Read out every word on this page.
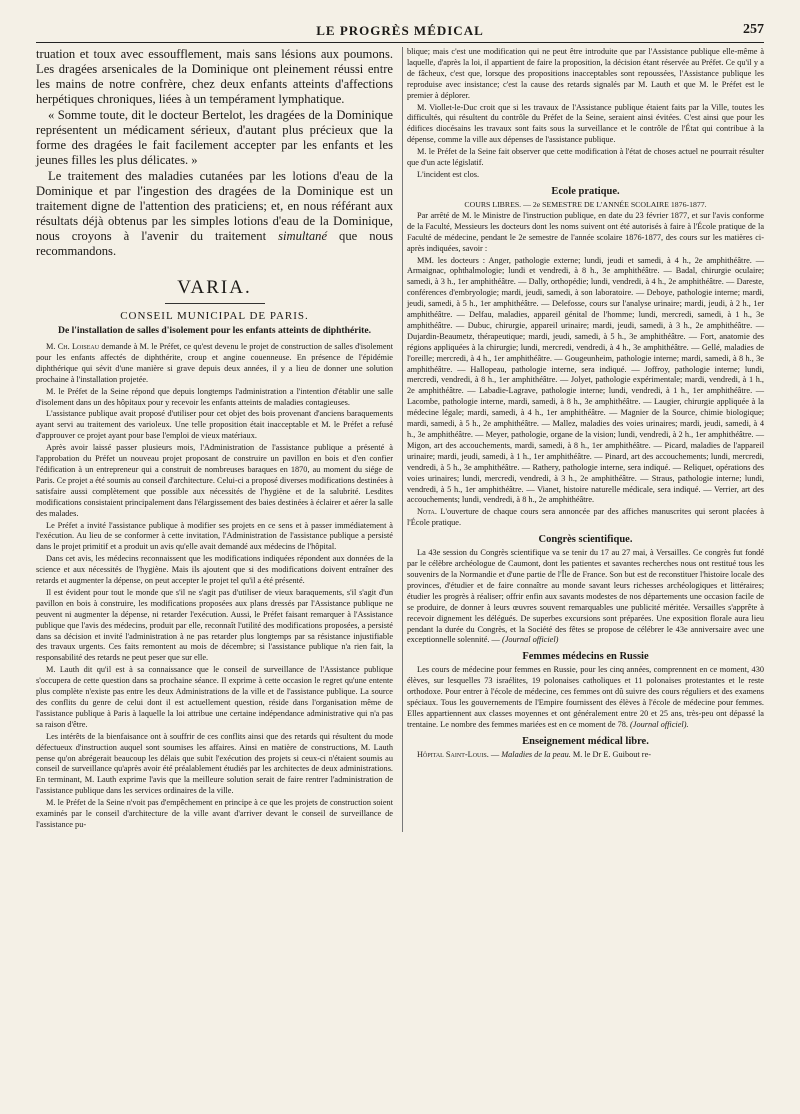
LE PROGRÈS MÉDICAL	257

truation et toux avec essoufflement, mais sans lésions aux poumons. Les dragées arsenicales de la Dominique ont pleinement réussi entre les mains de notre confrère, chez deux enfants atteints d'affections herpétiques chroniques, liées à un tempérament lymphatique.

« Somme toute, dit le docteur Bertelot, les dragées de la Dominique représentent un médicament sérieux, d'autant plus précieux que la forme des dragées le fait facilement accepter par les enfants et les jeunes filles les plus délicates. »

Le traitement des maladies cutanées par les lotions d'eau de la Dominique et par l'ingestion des dragées de la Dominique est un traitement digne de l'attention des praticiens; et, en nous référant aux résultats déjà obtenus par les simples lotions d'eau de la Dominique, nous croyons à l'avenir du traitement simultané que nous recommandons.

VARIA.
CONSEIL MUNICIPAL DE PARIS.
De l'installation de salles d'isolement pour les enfants atteints de diphthérite.

M. Ch. Loiseau demande à M. le Préfet, ce qu'est devenu le projet de construction de salles d'isolement pour les enfants affectés de diphthérite, croup et angine couenneuse. En présence de l'épidémie diphthérique qui sévit d'une manière si grave depuis deux années, il y a lieu de donner une solution prochaine à l'installation projetée.

M. le Préfet de la Seine répond que depuis longtemps l'administration a l'intention d'établir une salle d'isolement dans un des hôpitaux pour y recevoir les enfants atteints de maladies contagieuses.

L'assistance publique avait proposé d'utiliser pour cet objet des bois provenant d'anciens baraquements ayant servi au traitement des varioleux. Une telle proposition était inacceptable et M. le Préfet a refusé d'approuver ce projet ayant pour base l'emploi de vieux matériaux.

Après avoir laissé passer plusieurs mois, l'Administration de l'assistance publique a présenté à l'approbation du Préfet un nouveau projet proposant de construire un pavillon en bois et d'en confier l'édification à un entrepreneur qui a construit de nombreuses baraques en 1870, au moment du siége de Paris. Ce projet a été soumis au conseil d'architecture. Celui-ci a proposé diverses modifications destinées à satisfaire aussi complètement que possible aux nécessités de l'hygiène et de la salubrité. Lesdites modifications consistaient principalement dans l'élargissement des baies destinées à éclairer et aérer la salle des malades.

Le Préfet a invité l'assistance publique à modifier ses projets en ce sens et à passer immédiatement à l'exécution. Au lieu de se conformer à cette invitation, l'Administration de l'assistance publique a persisté dans le projet primitif et a produit un avis qu'elle avait demandé aux médecins de l'hôpital.

Dans cet avis, les médecins reconnaissent que les modifications indiquées répondent aux données de la science et aux nécessités de l'hygiène. Mais ils ajoutent que si des modifications doivent entraîner des retards et augmenter la dépense, on peut accepter le projet tel qu'il a été présenté.

Il est évident pour tout le monde que s'il ne s'agit pas d'utiliser de vieux baraquements, s'il s'agit d'un pavillon en bois à construire, les modifications proposées aux plans dressés par l'Assistance publique ne peuvent ni augmenter la dépense, ni retarder l'exécution. Aussi, le Préfet faisant remarquer à l'Assistance publique que l'avis des médecins, produit par elle, reconnaît l'utilité des modifications proposées, a persisté dans sa décision et invité l'administration à ne pas retarder plus longtemps par sa résistance injustifiable des travaux urgents. Ces faits remontent au mois de décembre; si l'assistance publique n'a rien fait, la responsabilité des retards ne peut peser que sur elle.

M. Lauth dit qu'il est à sa connaissance que le conseil de surveillance de l'Assistance publique s'occupera de cette question dans sa prochaine séance. Il exprime à cette occasion le regret qu'une entente plus complète n'existe pas entre les deux Administrations de la ville et de l'assistance publique. La source des conflits du genre de celui dont il est actuellement question, réside dans l'organisation même de l'assistance publique à Paris à laquelle la loi attribue une certaine indépendance administrative qui n'a pas sa raison d'être.

Les intérêts de la bienfaisance ont à souffrir de ces conflits ainsi que des retards qui résultent du mode défectueux d'instruction auquel sont soumises les affaires. Ainsi en matière de constructions, M. Lauth pense qu'on abrégerait beaucoup les délais que subit l'exécution des projets si ceux-ci n'étaient soumis au conseil de surveillance qu'après avoir été préalablement étudiés par les architectes de deux administrations. En terminant, M. Lauth exprime l'avis que la meilleure solution serait de faire rentrer l'administration de l'assistance publique dans les services ordinaires de la ville.

M. le Préfet de la Seine n'voit pas d'empêchement en principe à ce que les projets de construction soient examinés par le conseil d'architecture de la ville avant d'arriver devant le conseil de surveillance de l'assistance pu-

blique; mais c'est une modification qui ne peut être introduite que par l'Assistance publique elle-même à laquelle, d'après la loi, il appartient de faire la proposition, la décision étant réservée au Préfet. Ce qu'il y a de fâcheux, c'est que, lorsque des propositions inacceptables sont repoussées, l'Assistance publique les reproduise avec insistance; c'est la cause des retards signalés par M. Lauth et que M. le Préfet est le premier à déplorer.

M. Viollet-le-Duc croit que si les travaux de l'Assistance publique étaient faits par la Ville, toutes les difficultés, qui résultent du contrôle du Préfet de la Seine, seraient ainsi évitées. C'est ainsi que pour les édifices diocésains les travaux sont faits sous la surveillance et le contrôle de l'État qui contribue à la dépense, comme la ville aux dépenses de l'assistance publique.

M. le Préfet de la Seine fait observer que cette modification à l'état de choses actuel ne pourrait résulter que d'un acte législatif.

L'incident est clos.

Ecole pratique.
COURS LIBRES. — 2e SEMESTRE DE L'ANNÉE SCOLAIRE 1876-1877.

Par arrêté de M. le Ministre de l'instruction publique, en date du 23 février 1877, et sur l'avis conforme de la Faculté, Messieurs les docteurs dont les noms suivent ont été autorisés à faire à l'École pratique de la Faculté de médecine, pendant le 2e semestre de l'année scolaire 1876-1877, des cours sur les matières ci-après indiquées, savoir :

MM. les docteurs : Anger, pathologie externe; lundi, jeudi et samedi, à 4 h., 2e amphithéâtre. — Armaignac, ophthalmologie; lundi et vendredi, à 8 h., 3e amphithéâtre. — Badal, chirurgie oculaire; samedi, à 3 h., 1er amphithéâtre. — Dally, orthopédie; lundi, vendredi, à 4 h., 2e amphithéâtre. — Dareste, conférences d'embryologie; mardi, jeudi, samedi, à son laboratoire. — Deboye, pathologie interne; mardi, jeudi, samedi, à 5 h., 1er amphithéâtre. — Delefosse, cours sur l'analyse urinaire; mardi, jeudi, à 2 h., 1er amphithéâtre. — Delfau, maladies, appareil génital de l'homme; lundi, mercredi, samedi, à 1 h., 3e amphithéâtre. — Dubuc, chirurgie, appareil urinaire; mardi, jeudi, samedi, à 3 h., 2e amphithéâtre. — Dujardin-Beaumetz, thérapeutique; mardi, jeudi, samedi, à 5 h., 3e amphithéâtre. — Fort, anatomie des régions appliquées à la chirurgie; lundi, mercredi, vendredi, à 4 h., 3e amphithéâtre. — Gellé, maladies de l'oreille; mercredi, à 4 h., 1er amphithéâtre. — Gougeunheim, pathologie interne; mardi, samedi, à 8 h., 3e amphithéâtre. — Hallopeau, pathologie interne, sera indiqué. — Joffroy, pathologie interne; lundi, mercredi, vendredi, à 8 h., 1er amphithéâtre. — Jolyet, pathologie expérimentale; mardi, vendredi, à 1 h., 2e amphithéâtre. — Labadie-Lagrave, pathologie interne; lundi, vendredi, à 1 h., 1er amphithéâtre. — Lacombe, pathologie interne, mardi, samedi, à 8 h., 3e amphithéâtre. — Laugier, chirurgie appliquée à la médecine légale; mardi, samedi, à 4 h., 1er amphithéâtre. — Magnier de la Source, chimie biologique; mardi, samedi, à 5 h., 2e amphithéâtre. — Mallez, maladies des voies urinaires; mardi, jeudi, samedi, à 4 h., 3e amphithéâtre. — Meyer, pathologie, organe de la vision; lundi, vendredi, à 2 h., 1er amphithéâtre. — Migon, art des accouchements, mardi, samedi, à 8 h., 1er amphithéâtre. — Picard, maladies de l'appareil urinaire; mardi, jeudi, samedi, à 1 h., 1er amphithéâtre. — Pinard, art des accouchements; lundi, mercredi, vendredi, à 5 h., 3e amphithéâtre. — Rathery, pathologie interne, sera indiqué. — Reliquet, opérations des voies urinaires; lundi, mercredi, vendredi, à 3 h., 2e amphithéâtre. — Straus, pathologie interne; lundi, vendredi, à 5 h., 1er amphithéâtre. — Vianet, histoire naturelle médicale, sera indiqué. — Verrier, art des accouchements; lundi, vendredi, à 8 h., 2e amphithéâtre.

Nota. L'ouverture de chaque cours sera annoncée par des affiches manuscrites qui seront placées à l'École pratique.

Congrès scientifique.

La 43e session du Congrès scientifique va se tenir du 17 au 27 mai, à Versailles. Ce congrès fut fondé par le célèbre archéologue de Caumont, dont les patientes et savantes recherches nous ont restitué tous les souvenirs de la Normandie et d'une partie de l'Île de France. Son but est de reconstituer l'histoire locale des provinces, d'étudier et de faire connaître au monde savant leurs richesses archéologiques et littéraires; étudier les progrès à réaliser; offrir enfin aux savants modestes de nos départements une occasion facile de se produire, de donner à leurs œuvres souvent remarquables une publicité méritée. Versailles s'apprête à recevoir dignement les délégués. De superbes excursions sont préparées. Une exposition florale aura lieu pendant la durée du Congrès, et la Société des fêtes se propose de célébrer le 43e anniversaire avec une exceptionnelle solennité. — (Journal officiel)

Femmes médecins en Russie

Les cours de médecine pour femmes en Russie, pour les cinq années, comprennent en ce moment, 430 élèves, sur lesquelles 73 israélites, 19 polonaises catholiques et 11 polonaises protestantes et le reste orthodoxe. Pour entrer à l'école de médecine, ces femmes ont dû suivre des cours réguliers et des examens spéciaux. Tous les gouvernements de l'Empire fournissent des élèves à l'école de médecine pour femmes. Elles appartiennent aux classes moyennes et ont généralement entre 20 et 25 ans, très-peu ont dépassé la trentaine. Le nombre des femmes mariées est en ce moment de 78. (Journal officiel).

Enseignement médical libre.

Hôpital Saint-Louis. — Maladies de la peau. M. le Dr E. Guibout re-
